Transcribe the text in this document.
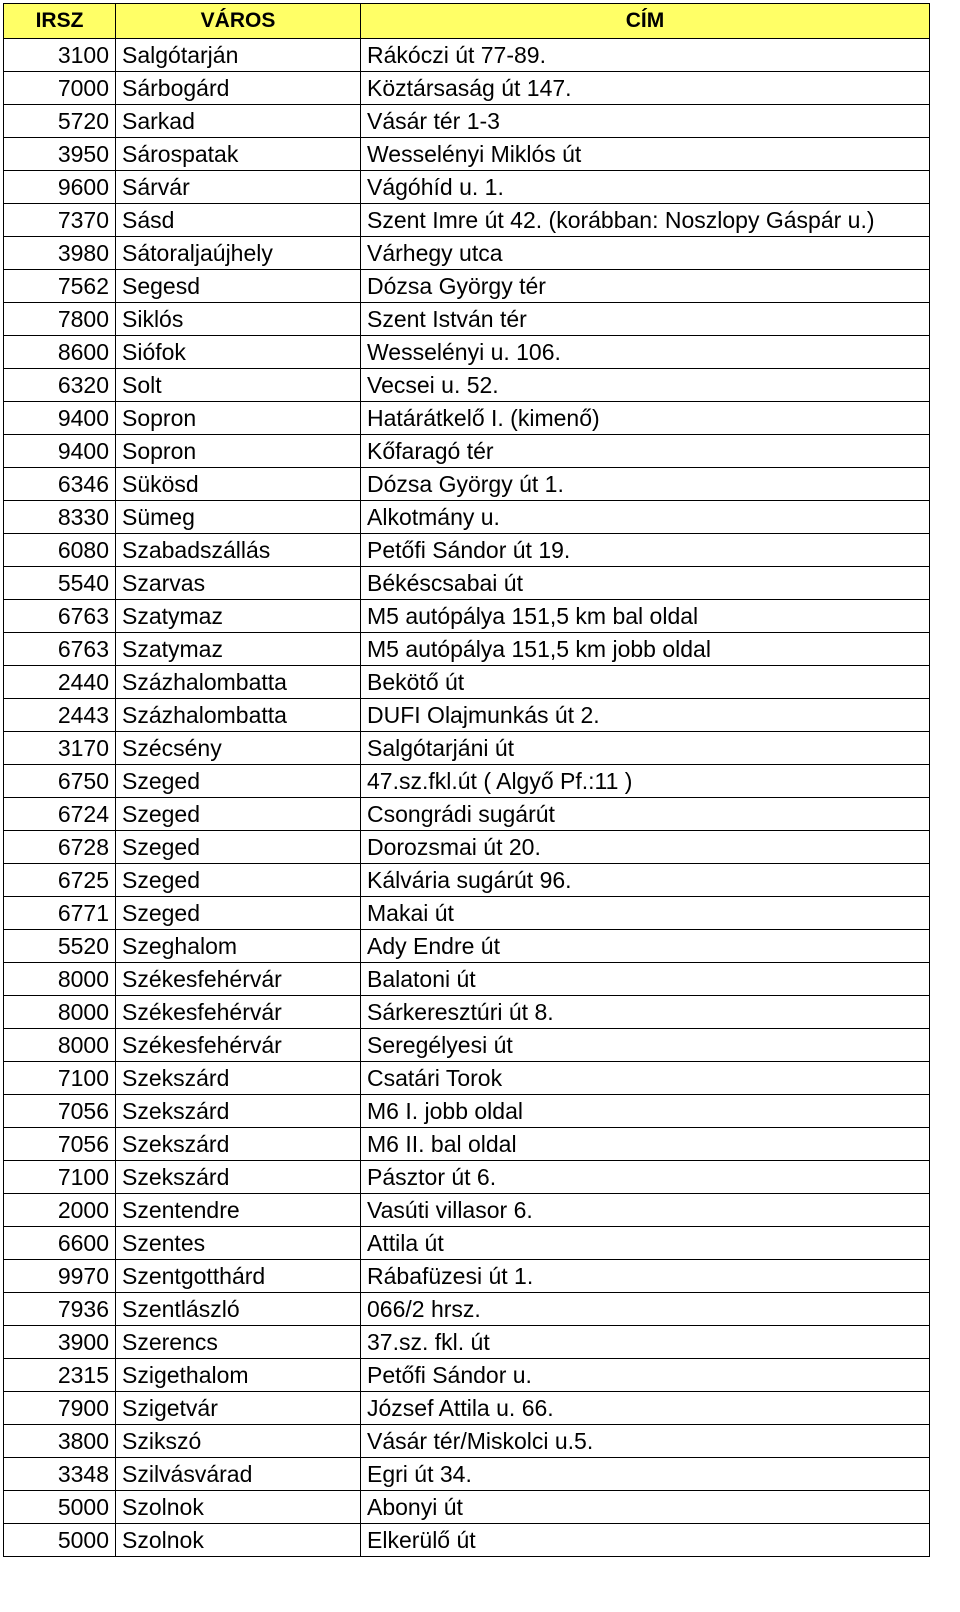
IRSZ	VÁROS	CÍM
3100	Salgótarján	Rákóczi út 77-89.
7000	Sárbogárd	Köztársaság út 147.
5720	Sarkad	Vásár tér 1-3
3950	Sárospatak	Wesselényi Miklós út
9600	Sárvár	Vágóhíd u. 1.
7370	Sásd	Szent Imre út 42. (korábban: Noszlopy Gáspár u.)
3980	Sátoraljaújhely	Várhegy utca
7562	Segesd	Dózsa György tér
7800	Siklós	Szent István tér
8600	Siófok	Wesselényi u. 106.
6320	Solt	Vecsei u. 52.
9400	Sopron	Határátkelő I. (kimenő)
9400	Sopron	Kőfaragó tér
6346	Sükösd	Dózsa György út 1.
8330	Sümeg	Alkotmány u.
6080	Szabadszállás	Petőfi Sándor út 19.
5540	Szarvas	Békéscsabai út
6763	Szatymaz	M5 autópálya 151,5 km bal oldal
6763	Szatymaz	M5 autópálya 151,5 km jobb oldal
2440	Százhalombatta	Bekötő út
2443	Százhalombatta	DUFI Olajmunkás út 2.
3170	Szécsény	Salgótarjáni út
6750	Szeged	47.sz.fkl.út ( Algyő Pf.:11 )
6724	Szeged	Csongrádi sugárút
6728	Szeged	Dorozsmai út 20.
6725	Szeged	Kálvária sugárút 96.
6771	Szeged	Makai út
5520	Szeghalom	Ady Endre út
8000	Székesfehérvár	Balatoni út
8000	Székesfehérvár	Sárkeresztúri út 8.
8000	Székesfehérvár	Seregélyesi út
7100	Szekszárd	Csatári Torok
7056	Szekszárd	M6 I. jobb oldal
7056	Szekszárd	M6 II. bal oldal
7100	Szekszárd	Pásztor út 6.
2000	Szentendre	Vasúti villasor 6.
6600	Szentes	Attila út
9970	Szentgotthárd	Rábafüzesi út 1.
7936	Szentlászló	066/2 hrsz.
3900	Szerencs	37.sz. fkl. út
2315	Szigethalom	Petőfi Sándor u.
7900	Szigetvár	József Attila u. 66.
3800	Szikszó	Vásár tér/Miskolci u.5.
3348	Szilvásvárad	Egri út 34.
5000	Szolnok	Abonyi út
5000	Szolnok	Elkerülő út
